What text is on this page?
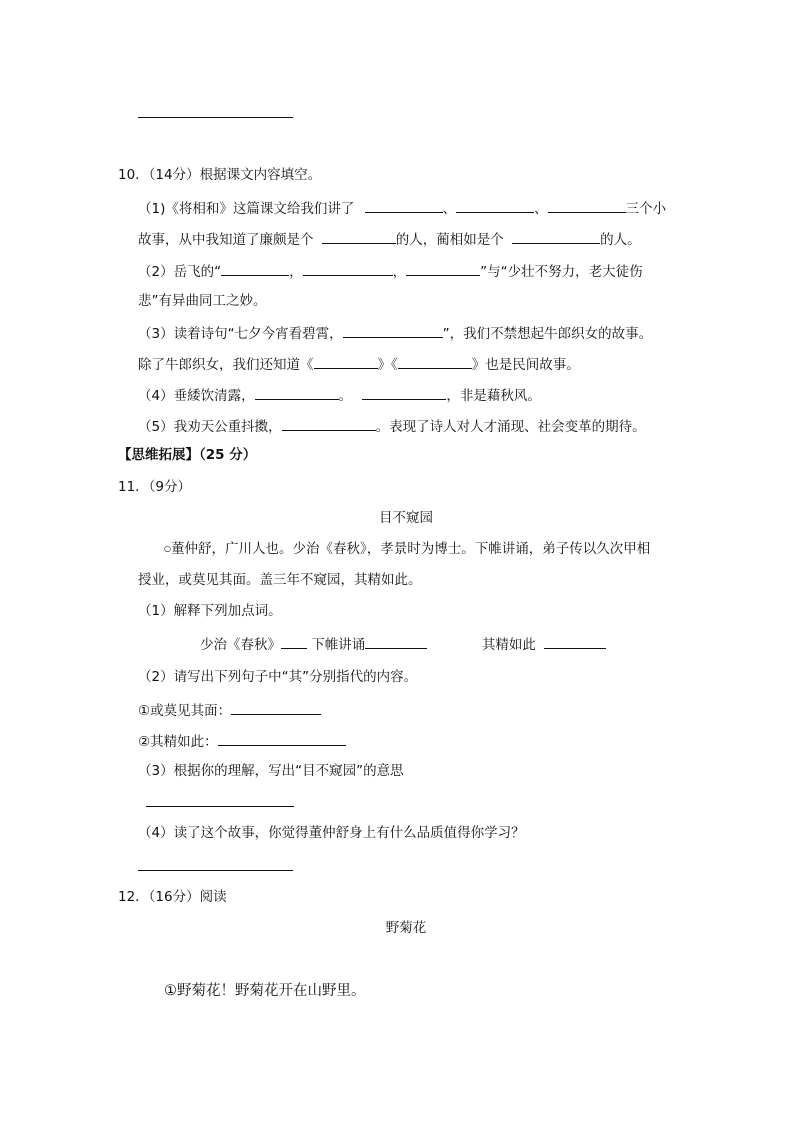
10．（14分）根据课文内容填空。
（1)《将相和》这篇课文给我们讲了	、	、	三个小
故事，从中我知道了廉颇是个	的人，蔺相如是个	的人。
（2）岳飞的“	，	，	”与“少壮不努力，老大徒伤
悲”有异曲同工之妙。
（3）读着诗句“七夕今宵看碧霄，	”，我们不禁想起牛郎织女的故事。
除了牛郎织女，我们还知道《	》《	》也是民间故事。
（4）垂緌饮清露，	。	，非是藉秋风。
（5）我劝天公重抖擞，	。表现了诗人对人才涌现、社会变革的期待。
【思维拓展】（25 分）
11．（9分）
目不窥园
○董仲舒，广川人也。少治《春秋》，孝景时为博士。下帷讲诵，弟子传以久次甲相
授业，或莫见其面。盖三年不窥园，其精如此。
（1）解释下列加点词。
少治《春秋》 下帷讲诵	其精如此
（2）请写出下列句子中“其”分别指代的内容。
①或莫见其面：
②其精如此：
（3）根据你的理解，写出“目不窥园”的意思
（4）读了这个故事，你觉得董仲舒身上有什么品质值得你学习？
12．（16分）阅读
野菊花
①野菊花！野菊花开在山野里。
